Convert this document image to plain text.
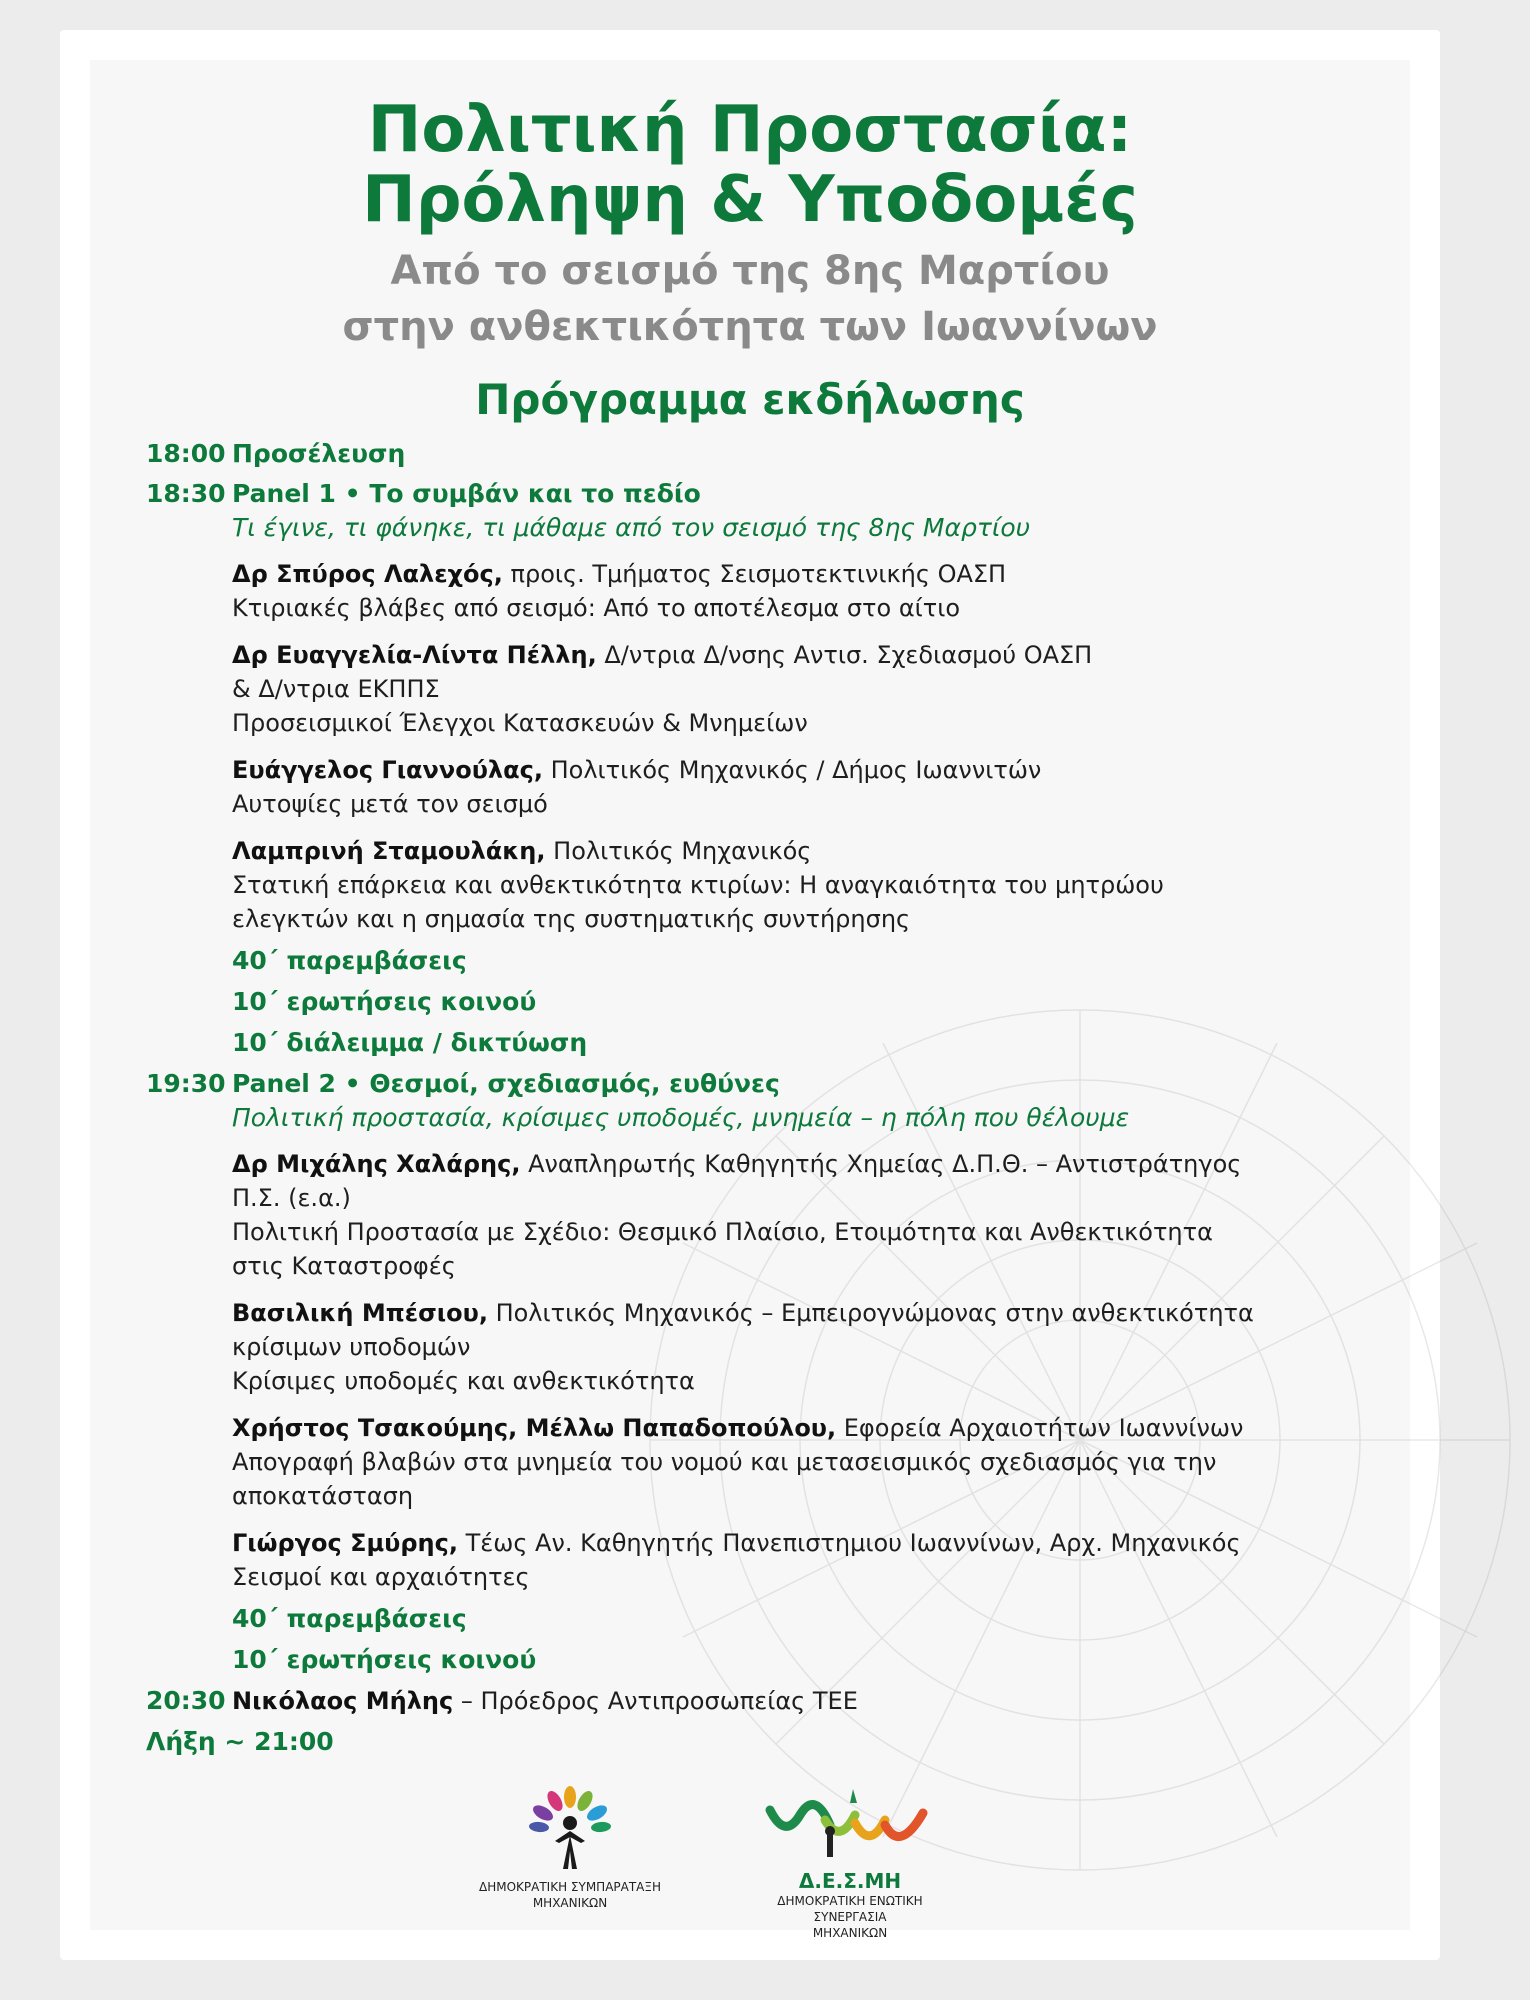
Πολιτική Προστασία:
Πρόληψη & Υποδομές
Από το σεισμό της 8ης Μαρτίου
στην ανθεκτικότητα των Ιωαννίνων
Πρόγραμμα εκδήλωσης
18:00 Προσέλευση
18:30 Panel 1 • Το συμβάν και το πεδίο
Τι έγινε, τι φάνηκε, τι μάθαμε από τον σεισμό της 8ης Μαρτίου
Δρ Σπύρος Λαλεχός, προις. Τμήματος Σεισμοτεκτινικής ΟΑΣΠ
Κτιριακές βλάβες από σεισμό: Από το αποτέλεσμα στο αίτιο
Δρ Ευαγγελία-Λίντα Πέλλη, Δ/ντρια Δ/νσης Αντισ. Σχεδιασμού ΟΑΣΠ
& Δ/ντρια ΕΚΠΠΣ
Προσεισμικοί Έλεγχοι Κατασκευών & Μνημείων
Ευάγγελος Γιαννούλας, Πολιτικός Μηχανικός / Δήμος Ιωαννιτών
Αυτοψίες μετά τον σεισμό
Λαμπρινή Σταμουλάκη, Πολιτικός Μηχανικός
Στατική επάρκεια και ανθεκτικότητα κτιρίων: Η αναγκαιότητα του μητρώου
ελεγκτών και η σημασία της συστηματικής συντήρησης
40΄ παρεμβάσεις
10΄ ερωτήσεις κοινού
10΄ διάλειμμα / δικτύωση
19:30 Panel 2 • Θεσμοί, σχεδιασμός, ευθύνες
Πολιτική προστασία, κρίσιμες υποδομές, μνημεία – η πόλη που θέλουμε
Δρ Μιχάλης Χαλάρης, Αναπληρωτής Καθηγητής Χημείας Δ.Π.Θ. – Αντιστράτηγος
Π.Σ. (ε.α.)
Πολιτική Προστασία με Σχέδιο: Θεσμικό Πλαίσιο, Ετοιμότητα και Ανθεκτικότητα
στις Καταστροφές
Βασιλική Μπέσιου, Πολιτικός Μηχανικός – Εμπειρογνώμονας στην ανθεκτικότητα
κρίσιμων υποδομών
Κρίσιμες υποδομές και ανθεκτικότητα
Χρήστος Τσακούμης, Μέλλω Παπαδοπούλου, Εφορεία Αρχαιοτήτων Ιωαννίνων
Απογραφή βλαβών στα μνημεία του νομού και μετασεισμικός σχεδιασμός για την
αποκατάσταση
Γιώργος Σμύρης, Τέως Αν. Καθηγητής Πανεπιστημιου Ιωαννίνων, Αρχ. Μηχανικός
Σεισμοί και αρχαιότητες
40΄ παρεμβάσεις
10΄ ερωτήσεις κοινού
20:30 Νικόλαος Μήλης – Πρόεδρος Αντιπροσωπείας ΤΕΕ
Λήξη ~ 21:00
ΔΗΜΟΚΡΑΤΙΚΗ ΣΥΜΠΑΡΑΤΑΞΗ
ΜΗΧΑΝΙΚΩΝ
Δ.Ε.Σ.ΜΗ
ΔΗΜΟΚΡΑΤΙΚΗ ΕΝΩΤΙΚΗ ΣΥΝΕΡΓΑΣΙΑ
ΜΗΧΑΝΙΚΩΝ
